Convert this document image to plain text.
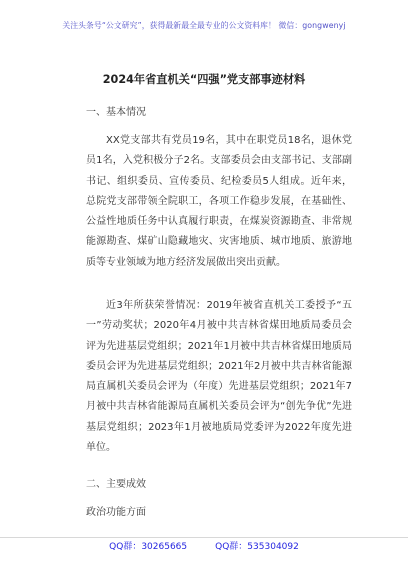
关注头条号“公文研究”，获得最新最全最专业的公文资料库！ 微信：gongwenyj
2024年省直机关“四强”党支部事迹材料
一、基本情况
XX党支部共有党员19名，其中在职党员18名，退休党员1名，入党积极分子2名。支部委员会由支部书记、支部副书记、组织委员、宣传委员、纪检委员5人组成。近年来，总院党支部带领全院职工，各项工作稳步发展，在基础性、公益性地质任务中认真履行职责，在煤炭资源勘查、非常规能源勘查、煤矿山隐藏地灾、灾害地质、城市地质、旅游地质等专业领域为地方经济发展做出突出贡献。
近3年所获荣誉情况：2019年被省直机关工委授予“五一”劳动奖状；2020年4月被中共吉林省煤田地质局委员会评为先进基层党组织；2021年1月被中共吉林省煤田地质局委员会评为先进基层党组织；2021年2月被中共吉林省能源局直属机关委员会评为（年度）先进基层党组织；2021年7月被中共吉林省能源局直属机关委员会评为“创先争优”先进基层党组织；2023年1月被地质局党委评为2022年度先进单位。
二、主要成效
政治功能方面
QQ群：30265665	QQ群：535304092
